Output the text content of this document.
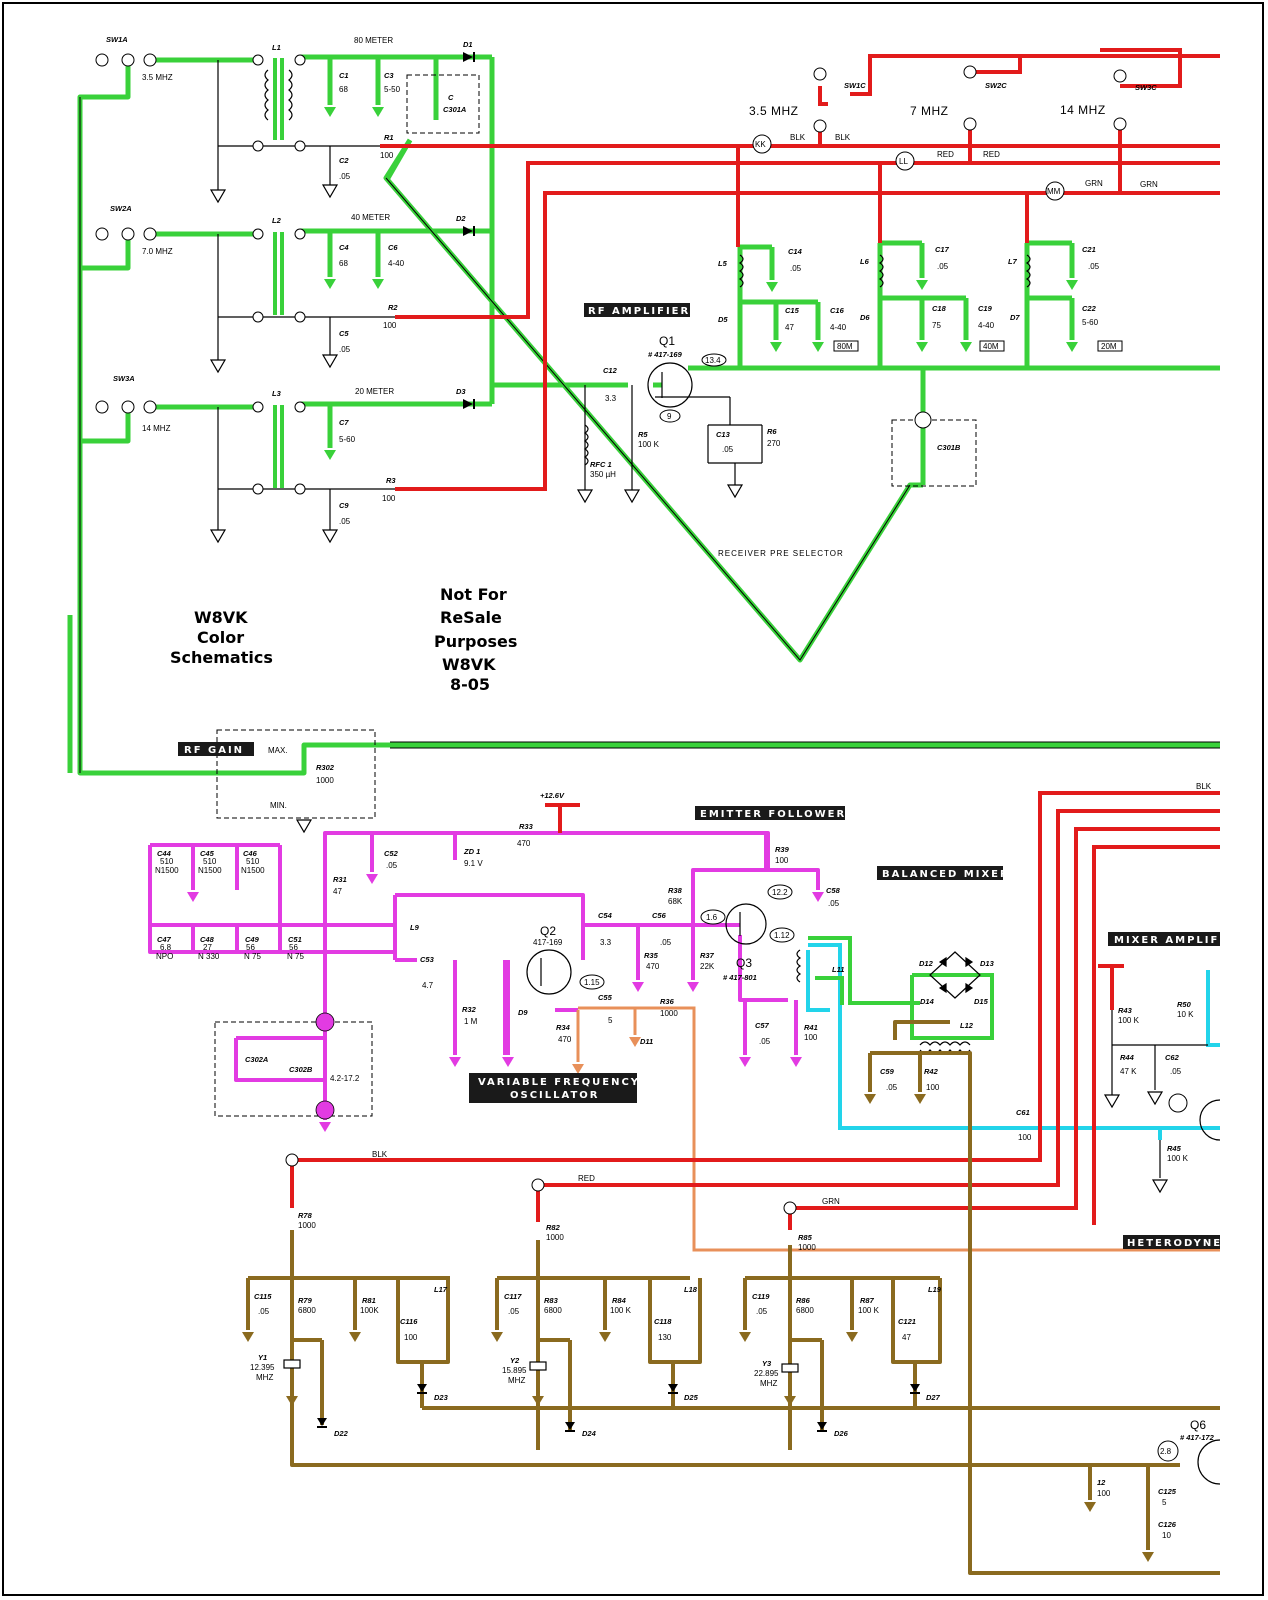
RF AMPLIFIER
RF GAIN
EMITTER FOLLOWER
BALANCED MIXER
MIXER AMPLIF
VARIABLE FREQUENCY
OSCILLATOR
HETERODYNE
RECEIVER PRE SELECTOR
W8VK
Color
Schematics
Not For
ReSale
Purposes
W8VK
8-05
SW1A
SW2A
SW3A
3.5 MHZ
7.0 MHZ
14 MHZ
80 METER
40 METER
20 METER
3.5 MHZ	7 MHZ	14 MHZ
SW1C	SW2C	SW3C
80M	40M	20M
BLK	BLK
RED	RED
GRN	GRN
KK
LL
MM
BLK
BLK
RED
GRN
L1
L2
L3
C1
68
C3
5-50
C2
.05
R1
100
C4
68
C6
4-40
C5
.05
R2
100
C7
5-60
C9
.05
R3
100
D1
D2
D3
C
C301A
Q1
# 417-169
13.4
9
C12
3.3
RFC 1
350 µH
R5
100 K
C13
.05
R6
270	C301B
L5	L6	L7
C14
.05
C17
.05
C21
.05
C15
47
C16
4-40
C18
75
C19
4-40
C22
5-60
D5	D6	D7
MAX.
MIN.
R302
1000
+12.6V
R33
470
C44
510
N1500
C45
510
N1500
C46
510
N1500
C52
.05
ZD 1
9.1 V
R31
47
C47
6.8
NPO
C48
27
N 330
C49
56
N 75
C51
56
N 75
L9
C53
4.7
Q2
417-169
R32
1 M
D9
C54
3.3
C56
.05
R35
470
R37
22K
R38
68K
R39
100
Q3
# 417-801
1.6
12.2
1.12
1.15
C58
.05
C55
5
R36
1000
R34
470	D11
C57
.05
R41
100
C302A
C302B
4.2-17.2
L11
D12	D13
D14	D15
L12
C59
.05
R42
100
R43
100 K
R50
10 K
R44
47 K
C62
.05
C61
100
R45
100 K
R78
1000	R82
1000	R85
1000
C115
.05
R79
6800
R81
100K
C116
100
L17
Y1
12.395
MHZ
C117
.05
R83
6800
R84
100 K
C118
130
L18
Y2
15.895
MHZ
C119
.05
R86
6800
R87
100 K
C121
47
L19
Y3
22.895
MHZ
D22
D23
D24
D25
D26
D27
Q6
# 417-172
2.8
C125
5
C126
10
12
100
